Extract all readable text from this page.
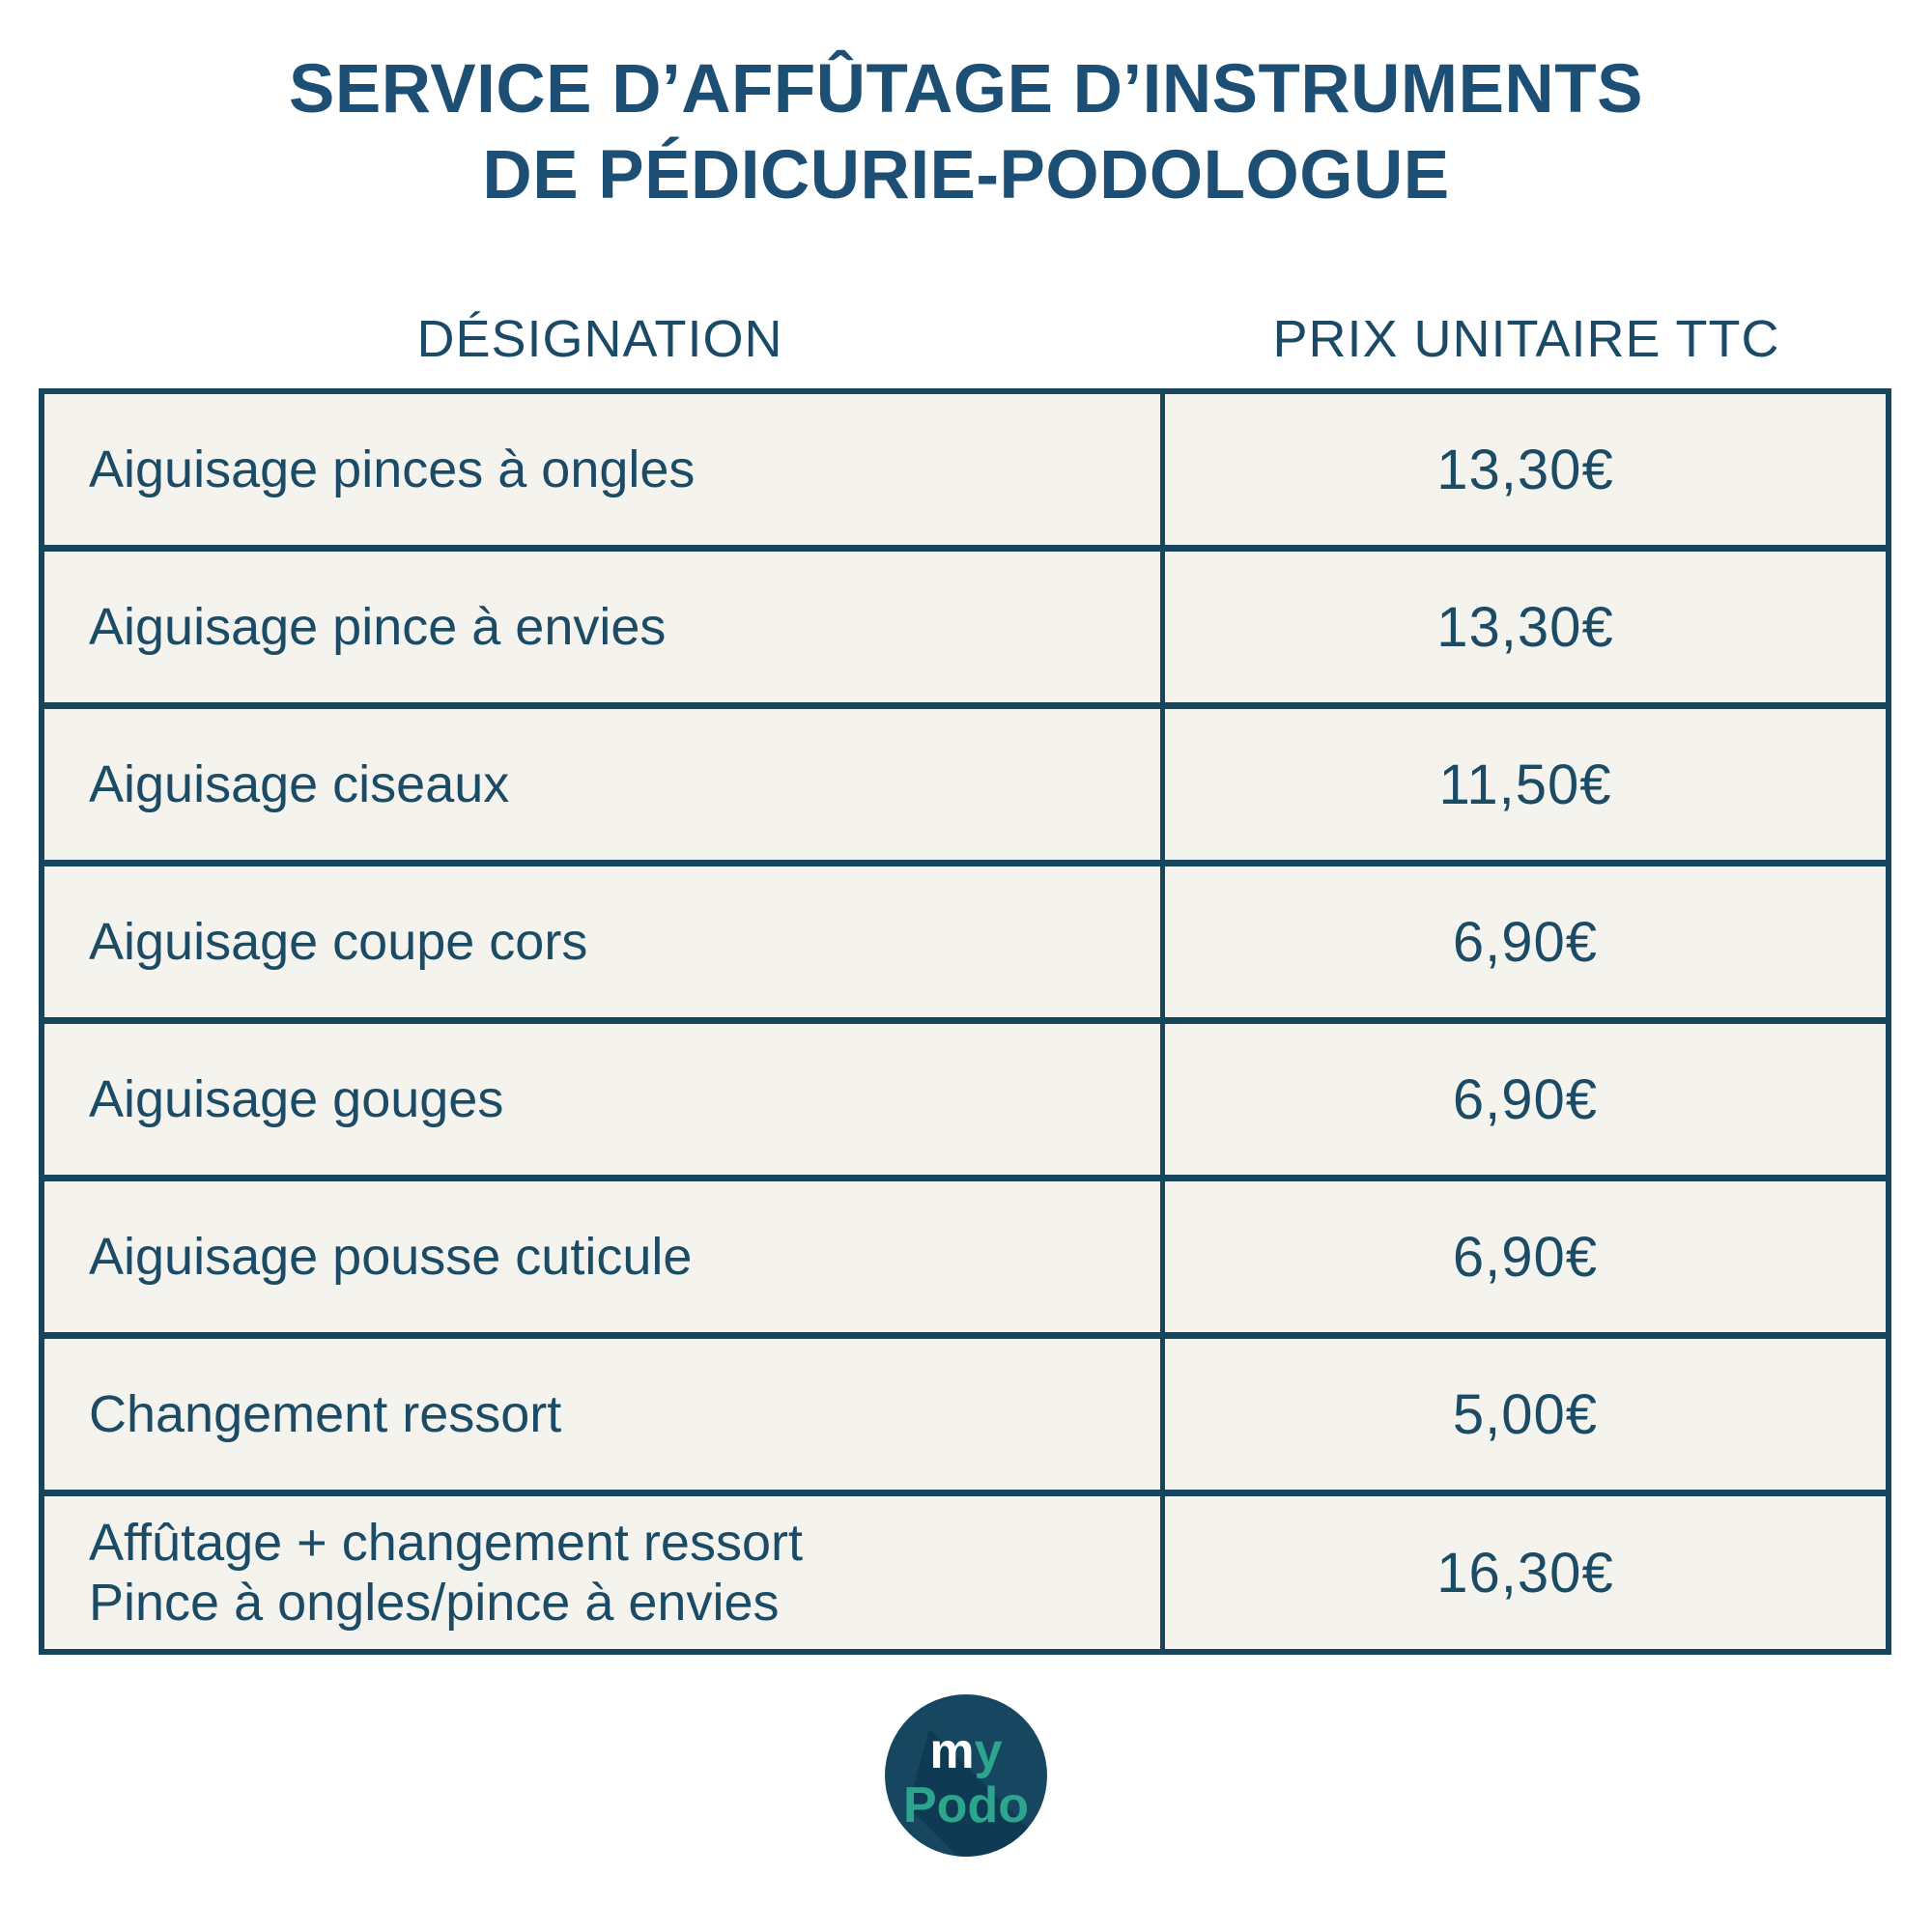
SERVICE D’AFFÛTAGE D’INSTRUMENTS
DE PÉDICURIE-PODOLOGUE
DÉSIGNATION	PRIX UNITAIRE TTC
Aiguisage pinces à ongles	13,30€
Aiguisage pince à envies	13,30€
Aiguisage ciseaux	11,50€
Aiguisage coupe cors	6,90€
Aiguisage gouges	6,90€
Aiguisage pousse cuticule	6,90€
Changement ressort	5,00€
Affûtage + changement ressort
Pince à ongles/pince à envies	16,30€
my
Podo
